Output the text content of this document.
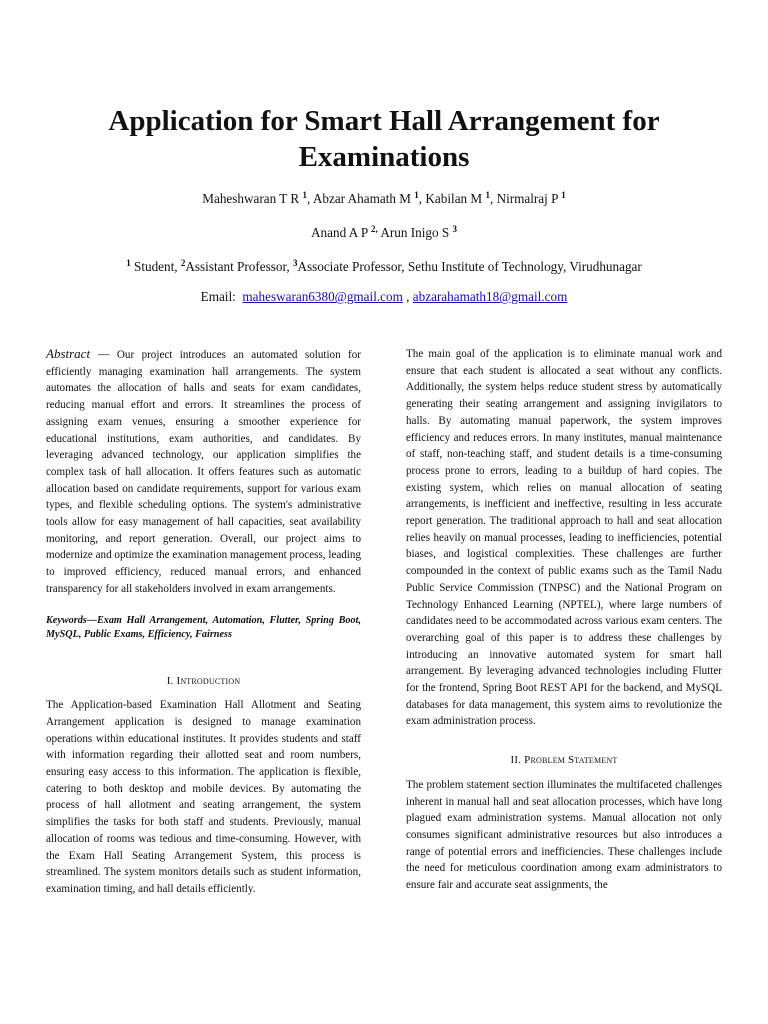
Application for Smart Hall Arrangement for Examinations
Maheshwaran T R $^1$, Abzar Ahamath M $^1$, Kabilan M $^1$, Nirmalraj P $^1$
Anand A P $^{2,}$ Arun Inigo S $^3$
$^1$ Student, $^2$Assistant Professor, $^3$Associate Professor, Sethu Institute of Technology, Virudhunagar
Email: maheswaran6380@gmail.com , abzarahamath18@gmail.com

Abstract — Our project introduces an automated solution for efficiently managing examination hall arrangements. The system automates the allocation of halls and seats for exam candidates, reducing manual effort and errors. It streamlines the process of assigning exam venues, ensuring a smoother experience for educational institutions, exam authorities, and candidates. By leveraging advanced technology, our application simplifies the complex task of hall allocation. It offers features such as automatic allocation based on candidate requirements, support for various exam types, and flexible scheduling options. The system's administrative tools allow for easy management of hall capacities, seat availability monitoring, and report generation. Overall, our project aims to modernize and optimize the examination management process, leading to improved efficiency, reduced manual errors, and enhanced transparency for all stakeholders involved in exam arrangements.

Keywords—Exam Hall Arrangement, Automation, Flutter, Spring Boot, MySQL, Public Exams, Efficiency, Fairness

I. Introduction

The Application-based Examination Hall Allotment and Seating Arrangement application is designed to manage examination operations within educational institutes. It provides students and staff with information regarding their allotted seat and room numbers, ensuring easy access to this information. The application is flexible, catering to both desktop and mobile devices. By automating the process of hall allotment and seating arrangement, the system simplifies the tasks for both staff and students. Previously, manual allocation of rooms was tedious and time-consuming. However, with the Exam Hall Seating Arrangement System, this process is streamlined. The system monitors details such as student information, examination timing, and hall details efficiently.

The main goal of the application is to eliminate manual work and ensure that each student is allocated a seat without any conflicts. Additionally, the system helps reduce student stress by automatically generating their seating arrangement and assigning invigilators to halls. By automating manual paperwork, the system improves efficiency and reduces errors. In many institutes, manual maintenance of staff, non-teaching staff, and student details is a time-consuming process prone to errors, leading to a buildup of hard copies. The existing system, which relies on manual allocation of seating arrangements, is inefficient and ineffective, resulting in less accurate report generation. The traditional approach to hall and seat allocation relies heavily on manual processes, leading to inefficiencies, potential biases, and logistical complexities. These challenges are further compounded in the context of public exams such as the Tamil Nadu Public Service Commission (TNPSC) and the National Program on Technology Enhanced Learning (NPTEL), where large numbers of candidates need to be accommodated across various exam centers. The overarching goal of this paper is to address these challenges by introducing an innovative automated system for smart hall arrangement. By leveraging advanced technologies including Flutter for the frontend, Spring Boot REST API for the backend, and MySQL databases for data management, this system aims to revolutionize the exam administration process.

II. Problem Statement

The problem statement section illuminates the multifaceted challenges inherent in manual hall and seat allocation processes, which have long plagued exam administration systems. Manual allocation not only consumes significant administrative resources but also introduces a range of potential errors and inefficiencies. These challenges include the need for meticulous coordination among exam administrators to ensure fair and accurate seat assignments, the
